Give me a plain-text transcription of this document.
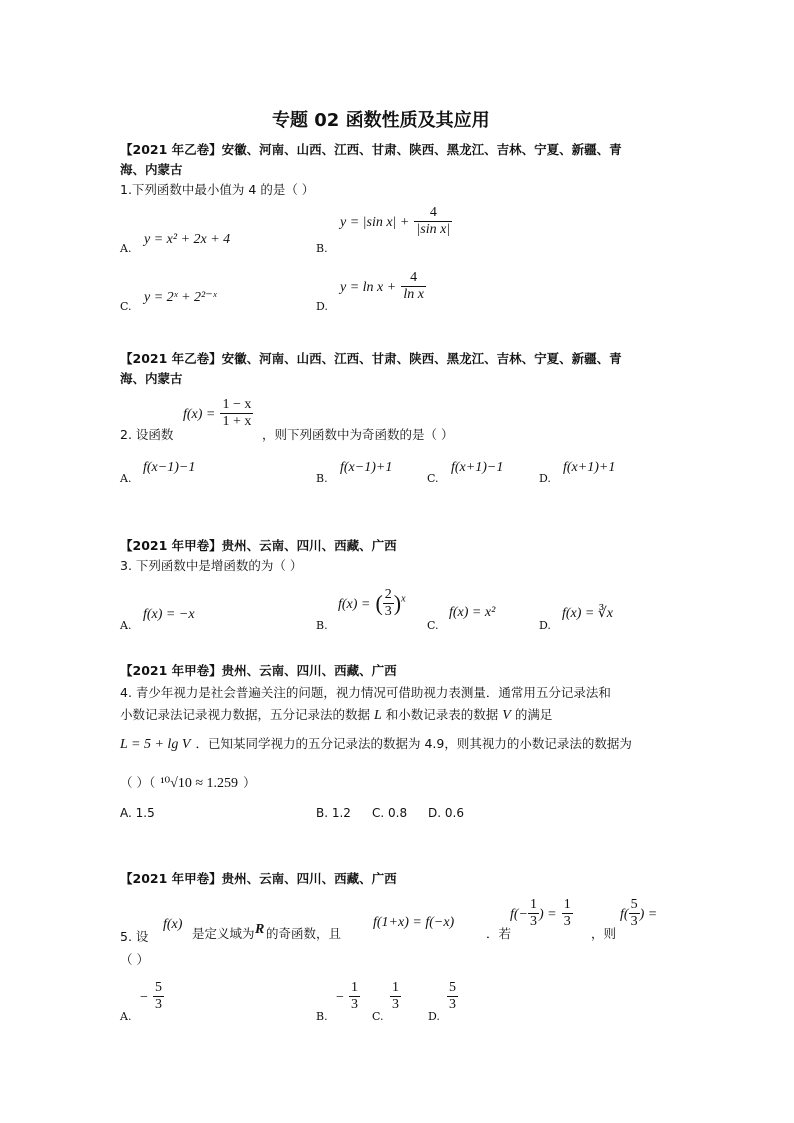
专题 02 函数性质及其应用
【2021 年乙卷】安徽、河南、山西、江西、甘肃、陕西、黑龙江、吉林、宁夏、新疆、青
海、内蒙古
1.下列函数中最小值为 4 的是（ ）
A.
y = x² + 2x + 4
B.
y = |sin $x| + \frac{4}{\text{|sin x|}}$
C.
y = 2ˣ + 2²⁻ˣ
D.
$y = \ln x + \frac{4}{\text{ln x}}$
【2021 年乙卷】安徽、河南、山西、江西、甘肃、陕西、黑龙江、吉林、宁夏、新疆、青
海、内蒙古
2. 设函数
$f(x) = \frac{1 - x}{1 + x}$
，则下列函数中为奇函数的是（ ）
A.
f(x−1)−1
B.
f(x−1)+1
C.
f(x+1)−1
D.
f(x+1)+1
【2021 年甲卷】贵州、云南、四川、西藏、广西
3. 下列函数中是增函数的为（ ）
A.
f(x) = −x
B.
f(x) = ( $\frac{2}{3} )^x$
C.
f(x) = x²
D.
f(x) = ∛x
【2021 年甲卷】贵州、云南、四川、西藏、广西
4. 青少年视力是社会普遍关注的问题，视力情况可借助视力表测量．通常用五分记录法和
小数记录法记录视力数据，五分记录法的数据 L 和小数记录表的数据 V 的满足
L = 5 + lg V ．已知某同学视力的五分记录法的数据为 4.9，则其视力的小数记录法的数据为
（ ）（ ¹⁰√10 ≈ 1.259 ）
A. 1.5	B. 1.2 C. 0.8 D. 0.6
【2021 年甲卷】贵州、云南、四川、西藏、广西
5. 设
f(x)
是定义域为 R 的奇函数，且
f(1+x) = f(−x)
．若
$f(- \frac{1}{3}$ ) = $\frac{1}{3}$
，则
$f( \frac{5}{3}$ ) =
（ ）
A.
− $\frac{5}{3}$
B.
− $\frac{1}{3}$
C.
$\frac{1}{3}$
D.
$\frac{5}{3}$
